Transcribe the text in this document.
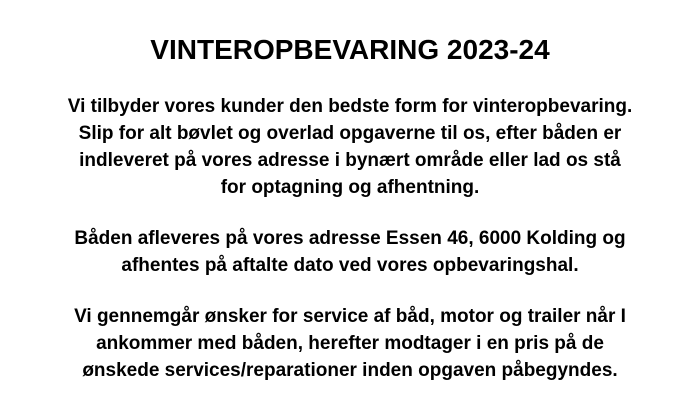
VINTEROPBEVARING 2023-24

Vi tilbyder vores kunder den bedste form for vinteropbevaring.
Slip for alt bøvlet og overlad opgaverne til os, efter båden er
indleveret på vores adresse i bynært område eller lad os stå
for optagning og afhentning.

Båden afleveres på vores adresse Essen 46, 6000 Kolding og
afhentes på aftalte dato ved vores opbevaringshal.

Vi gennemgår ønsker for service af båd, motor og trailer når I
ankommer med båden, herefter modtager i en pris på de
ønskede services/reparationer inden opgaven påbegyndes.
